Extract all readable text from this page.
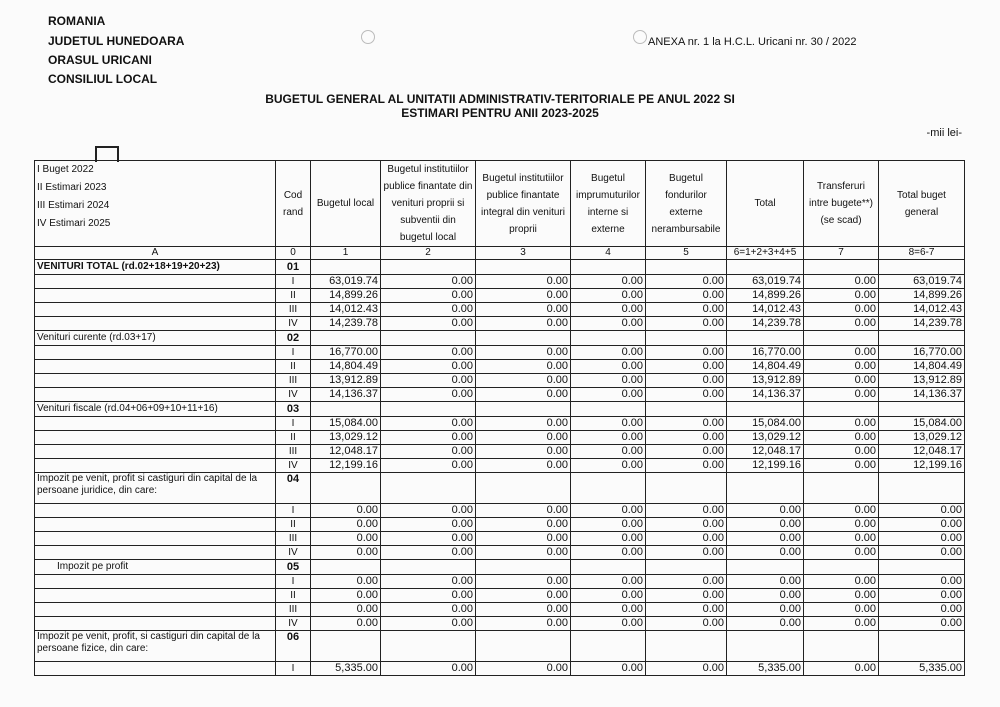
ROMANIA
JUDETUL HUNEDOARA
ORASUL URICANI
CONSILIUL LOCAL
ANEXA nr. 1 la H.C.L. Uricani nr. 30 / 2022
BUGETUL GENERAL AL UNITATII ADMINISTRATIV-TERITORIALE PE ANUL 2022 SI
ESTIMARI PENTRU ANII 2023-2025
-mii lei-
I Buget 2022
II Estimari 2023
III Estimari 2024
IV Estimari 2025	Cod rand	Bugetul local	Bugetul institutiilor publice finantate din venituri proprii si subventii din bugetul local	Bugetul institutiilor publice finantate integral din venituri proprii	Bugetul imprumuturilor interne si externe	Bugetul fondurilor externe nerambursabile	Total	Transferuri intre bugete**) (se scad)	Total buget general
A	0	1	2	3	4	5	6=1+2+3+4+5	7	8=6-7
VENITURI TOTAL (rd.02+18+19+20+23)	01								
	I	63,019.74	0.00	0.00	0.00	0.00	63,019.74	0.00	63,019.74
	II	14,899.26	0.00	0.00	0.00	0.00	14,899.26	0.00	14,899.26
	III	14,012.43	0.00	0.00	0.00	0.00	14,012.43	0.00	14,012.43
	IV	14,239.78	0.00	0.00	0.00	0.00	14,239.78	0.00	14,239.78
Venituri curente (rd.03+17)	02								
	I	16,770.00	0.00	0.00	0.00	0.00	16,770.00	0.00	16,770.00
	II	14,804.49	0.00	0.00	0.00	0.00	14,804.49	0.00	14,804.49
	III	13,912.89	0.00	0.00	0.00	0.00	13,912.89	0.00	13,912.89
	IV	14,136.37	0.00	0.00	0.00	0.00	14,136.37	0.00	14,136.37
Venituri fiscale (rd.04+06+09+10+11+16)	03								
	I	15,084.00	0.00	0.00	0.00	0.00	15,084.00	0.00	15,084.00
	II	13,029.12	0.00	0.00	0.00	0.00	13,029.12	0.00	13,029.12
	III	12,048.17	0.00	0.00	0.00	0.00	12,048.17	0.00	12,048.17
	IV	12,199.16	0.00	0.00	0.00	0.00	12,199.16	0.00	12,199.16
Impozit pe venit, profit si castiguri din capital de la persoane juridice, din care:	04								
	I	0.00	0.00	0.00	0.00	0.00	0.00	0.00	0.00
	II	0.00	0.00	0.00	0.00	0.00	0.00	0.00	0.00
	III	0.00	0.00	0.00	0.00	0.00	0.00	0.00	0.00
	IV	0.00	0.00	0.00	0.00	0.00	0.00	0.00	0.00
Impozit pe profit	05								
	I	0.00	0.00	0.00	0.00	0.00	0.00	0.00	0.00
	II	0.00	0.00	0.00	0.00	0.00	0.00	0.00	0.00
	III	0.00	0.00	0.00	0.00	0.00	0.00	0.00	0.00
	IV	0.00	0.00	0.00	0.00	0.00	0.00	0.00	0.00
Impozit pe venit, profit, si castiguri din capital de la persoane fizice, din care:	06								
	I	5,335.00	0.00	0.00	0.00	0.00	5,335.00	0.00	5,335.00
